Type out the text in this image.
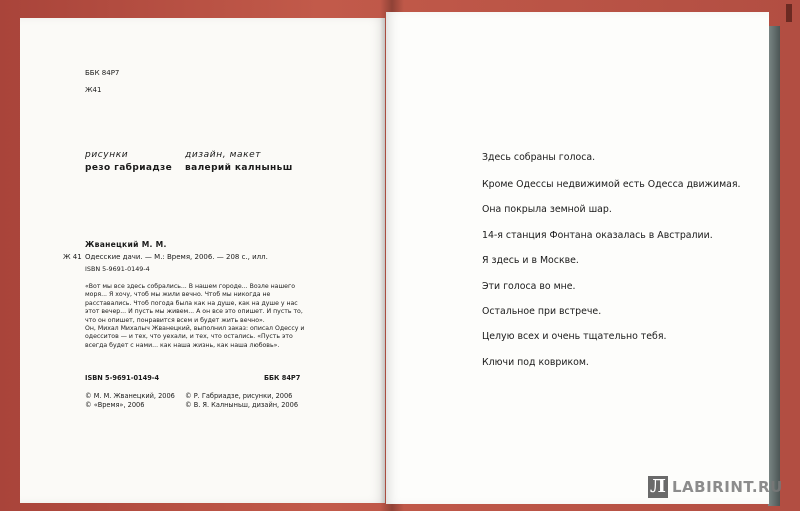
ББК 84Р7
Ж41
рисунки
резо габриадзе
дизайн, макет
валерий калныньш
Жванецкий М. М.
Ж 41 Одесские дачи. — М.: Время, 2006. — 208 с., илл.
ISBN 5-9691-0149-4

«Вот мы все здесь собрались... В нашем городе... Возле нашего моря... Я хочу, чтоб мы жили вечно. Чтоб мы никогда не расставались. Чтоб погода была как на душе, как на душе у нас этот вечер... И пусть мы живем... А он все это опишет. И пусть то, что он опишет, понравится всем и будет жить вечно».

Он, Михал Михалыч Жванецкий, выполнил заказ: описал Одессу и одесситов — и тех, что уехали, и тех, что остались. «Пусть это всегда будет с нами... как наша жизнь, как наша любовь».

ISBN 5-9691-0149-4	ББК 84Р7
© М. М. Жванецкий, 2006
© «Время», 2006
© Р. Габриадзе, рисунки, 2006
© В. Я. Калныньш, дизайн, 2006
Здесь собраны голоса.
Кроме Одессы недвижимой есть Одесса движимая.
Она покрыла земной шар.
14-я станция Фонтана оказалась в Австралии.
Я здесь и в Москве.
Эти голоса во мне.
Остальное при встрече.
Целую всех и очень тщательно тебя.
Ключи под ковриком.
Л LABIRINT.RU
